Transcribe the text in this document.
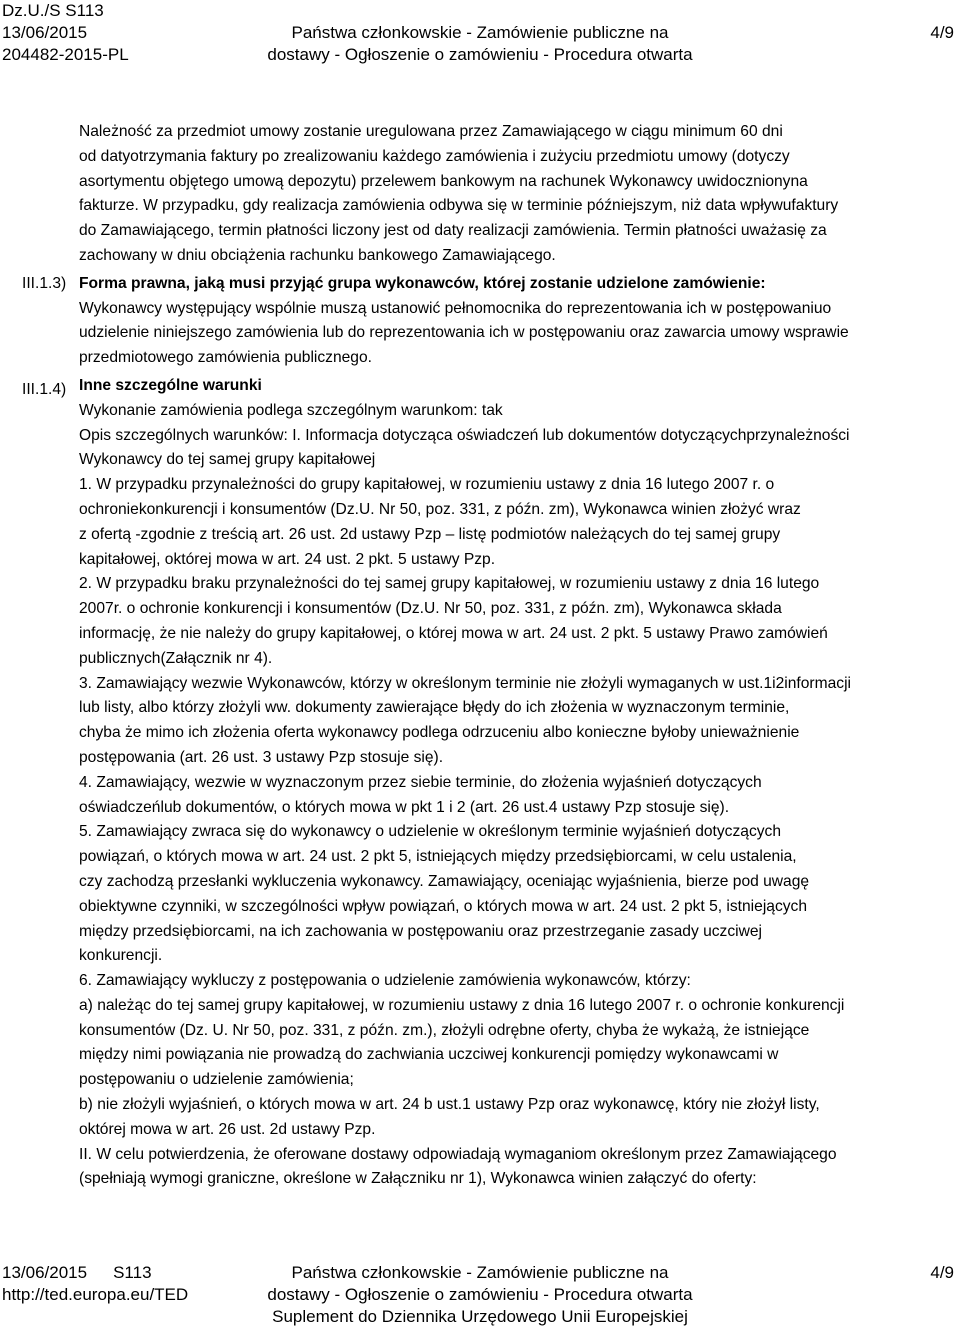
Dz.U./S S113
13/06/2015
204482-2015-PL
Państwa członkowskie - Zamówienie publiczne na
dostawy - Ogłoszenie o zamówieniu - Procedura otwarta
4/9
III.1.3)
III.1.4)

Należność za przedmiot umowy zostanie uregulowana przez Zamawiającego w ciągu minimum 60 dni

od datyotrzymania faktury po zrealizowaniu każdego zamówienia i zużyciu przedmiotu umowy (dotyczy

asortymentu objętego umową depozytu) przelewem bankowym na rachunek Wykonawcy uwidocznionyna

fakturze. W przypadku, gdy realizacja zamówienia odbywa się w terminie późniejszym, niż data wpływufaktury

do Zamawiającego, termin płatności liczony jest od daty realizacji zamówienia. Termin płatności uważasię za

zachowany w dniu obciążenia rachunku bankowego Zamawiającego.

Forma prawna, jaką musi przyjąć grupa wykonawców, której zostanie udzielone zamówienie:

Wykonawcy występujący wspólnie muszą ustanowić pełnomocnika do reprezentowania ich w postępowaniuo

udzielenie niniejszego zamówienia lub do reprezentowania ich w postępowaniu oraz zawarcia umowy wsprawie

przedmiotowego zamówienia publicznego.

Inne szczególne warunki

Wykonanie zamówienia podlega szczególnym warunkom: tak

Opis szczególnych warunków: I. Informacja dotycząca oświadczeń lub dokumentów dotyczącychprzynależności

Wykonawcy do tej samej grupy kapitałowej

1. W przypadku przynależności do grupy kapitałowej, w rozumieniu ustawy z dnia 16 lutego 2007 r. o

ochroniekonkurencji i konsumentów (Dz.U. Nr 50, poz. 331, z późn. zm), Wykonawca winien złożyć wraz

z ofertą -zgodnie z treścią art. 26 ust. 2d ustawy Pzp – listę podmiotów należących do tej samej grupy

kapitałowej, októrej mowa w art. 24 ust. 2 pkt. 5 ustawy Pzp.

2. W przypadku braku przynależności do tej samej grupy kapitałowej, w rozumieniu ustawy z dnia 16 lutego

2007r. o ochronie konkurencji i konsumentów (Dz.U. Nr 50, poz. 331, z późn. zm), Wykonawca składa

informację, że nie należy do grupy kapitałowej, o której mowa w art. 24 ust. 2 pkt. 5 ustawy Prawo zamówień

publicznych(Załącznik nr 4).

3. Zamawiający wezwie Wykonawców, którzy w określonym terminie nie złożyli wymaganych w ust.1i2informacji

lub listy, albo którzy złożyli ww. dokumenty zawierające błędy do ich złożenia w wyznaczonym terminie,

chyba że mimo ich złożenia oferta wykonawcy podlega odrzuceniu albo konieczne byłoby unieważnienie

postępowania (art. 26 ust. 3 ustawy Pzp stosuje się).

4. Zamawiający, wezwie w wyznaczonym przez siebie terminie, do złożenia wyjaśnień dotyczących

oświadczeńlub dokumentów, o których mowa w pkt 1 i 2 (art. 26 ust.4 ustawy Pzp stosuje się).

5. Zamawiający zwraca się do wykonawcy o udzielenie w określonym terminie wyjaśnień dotyczących

powiązań, o których mowa w art. 24 ust. 2 pkt 5, istniejących między przedsiębiorcami, w celu ustalenia,

czy zachodzą przesłanki wykluczenia wykonawcy. Zamawiający, oceniając wyjaśnienia, bierze pod uwagę

obiektywne czynniki, w szczególności wpływ powiązań, o których mowa w art. 24 ust. 2 pkt 5, istniejących

między przedsiębiorcami, na ich zachowania w postępowaniu oraz przestrzeganie zasady uczciwej

konkurencji.

6. Zamawiający wykluczy z postępowania o udzielenie zamówienia wykonawców, którzy:

a) należąc do tej samej grupy kapitałowej, w rozumieniu ustawy z dnia 16 lutego 2007 r. o ochronie konkurencji

konsumentów (Dz. U. Nr 50, poz. 331, z późn. zm.), złożyli odrębne oferty, chyba że wykażą, że istniejące

między nimi powiązania nie prowadzą do zachwiania uczciwej konkurencji pomiędzy wykonawcami w

postępowaniu o udzielenie zamówienia;

b) nie złożyli wyjaśnień, o których mowa w art. 24 b ust.1 ustawy Pzp oraz wykonawcę, który nie złożył listy,

októrej mowa w art. 26 ust. 2d ustawy Pzp.

II. W celu potwierdzenia, że oferowane dostawy odpowiadają wymaganiom określonym przez Zamawiającego

(spełniają wymogi graniczne, określone w Załączniku nr 1), Wykonawca winien załączyć do oferty:

13/06/2015 S113
http://ted.europa.eu/TED
Państwa członkowskie - Zamówienie publiczne na
dostawy - Ogłoszenie o zamówieniu - Procedura otwarta
Suplement do Dziennika Urzędowego Unii Europejskiej
4/9
